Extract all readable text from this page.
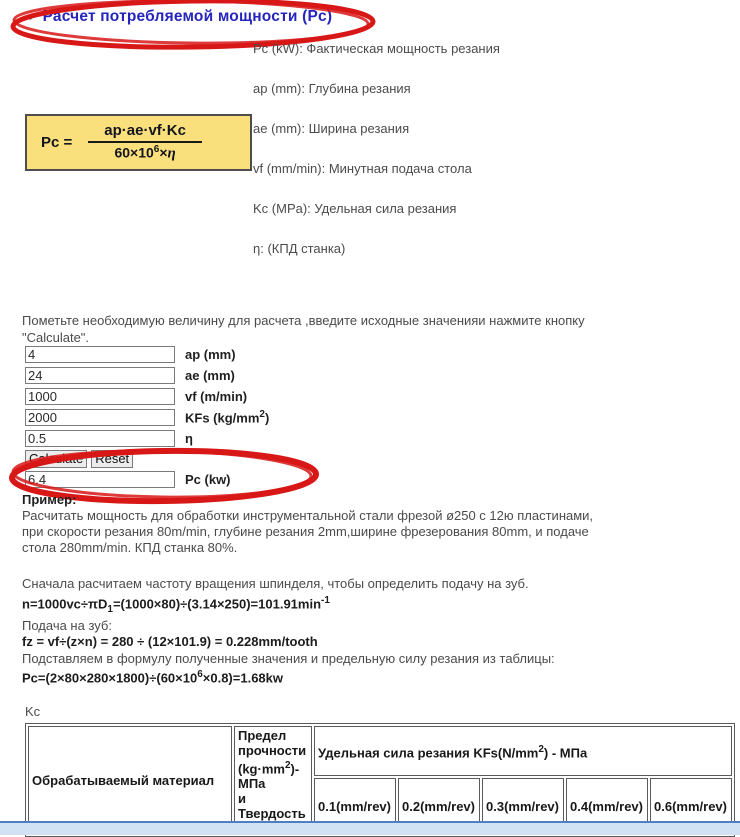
• Расчет потребляемой мощности (Pc)
Pc (kW): Фактическая мощность резания
ap (mm): Глубина резания
ae (mm): Ширина резания
vf (mm/min): Минутная подача стола
Kc (MPa): Удельная сила резания
η: (КПД станка)
$Pc = \frac{ap\cdot ae\cdot vf\cdot Kc}{60\times 10^6\times\eta}$
Пометьте необходимую величину для расчета ,введите исходные значенияи нажмите кнопку "Calculate".
4
ap (mm)
24
ae (mm)
1000
vf (m/min)
2000
KFs $(kg/mm^2)$
0.5
η
Calculate Reset
6.4
Pc (kw)
Пример:
Расчитать мощность для обработки инструментальной стали фрезой ø250 с 12ю пластинами, при скорости резания 80m/min, глубине резания 2mm,ширине фрезерования 80mm, и подаче стола 280mm/min. КПД станка 80%.
Сначала расчитаем частоту вращения шпинделя, чтобы определить подачу на зуб.
$n=1000vc\div\pi D_1=(1000\times 80)\div(3.14\times 250)=101.91\min^{-1}$
Подача на зуб:
fz = vf÷(z×n) = 280 ÷ (12×101.9) = 0.228mm/tooth
Подставляем в формулу полученные значения и предельную силу резания из таблицы:
$Pc=(2\times 80\times 280\times 1800)\div(60\times 10^6\times 0.8)=1.68kw$
Kc
Обрабатываемый материал	Предел прочности $(kg\cdot mm^2)-$ МПа
и
Твердость	Удельная сила резания $KFs(N/mm^2)$ - МПа				
		0.1(mm/rev)	0.2(mm/rev)	0.3(mm/rev)	0.4(mm/rev)	0.6(mm/rev)
